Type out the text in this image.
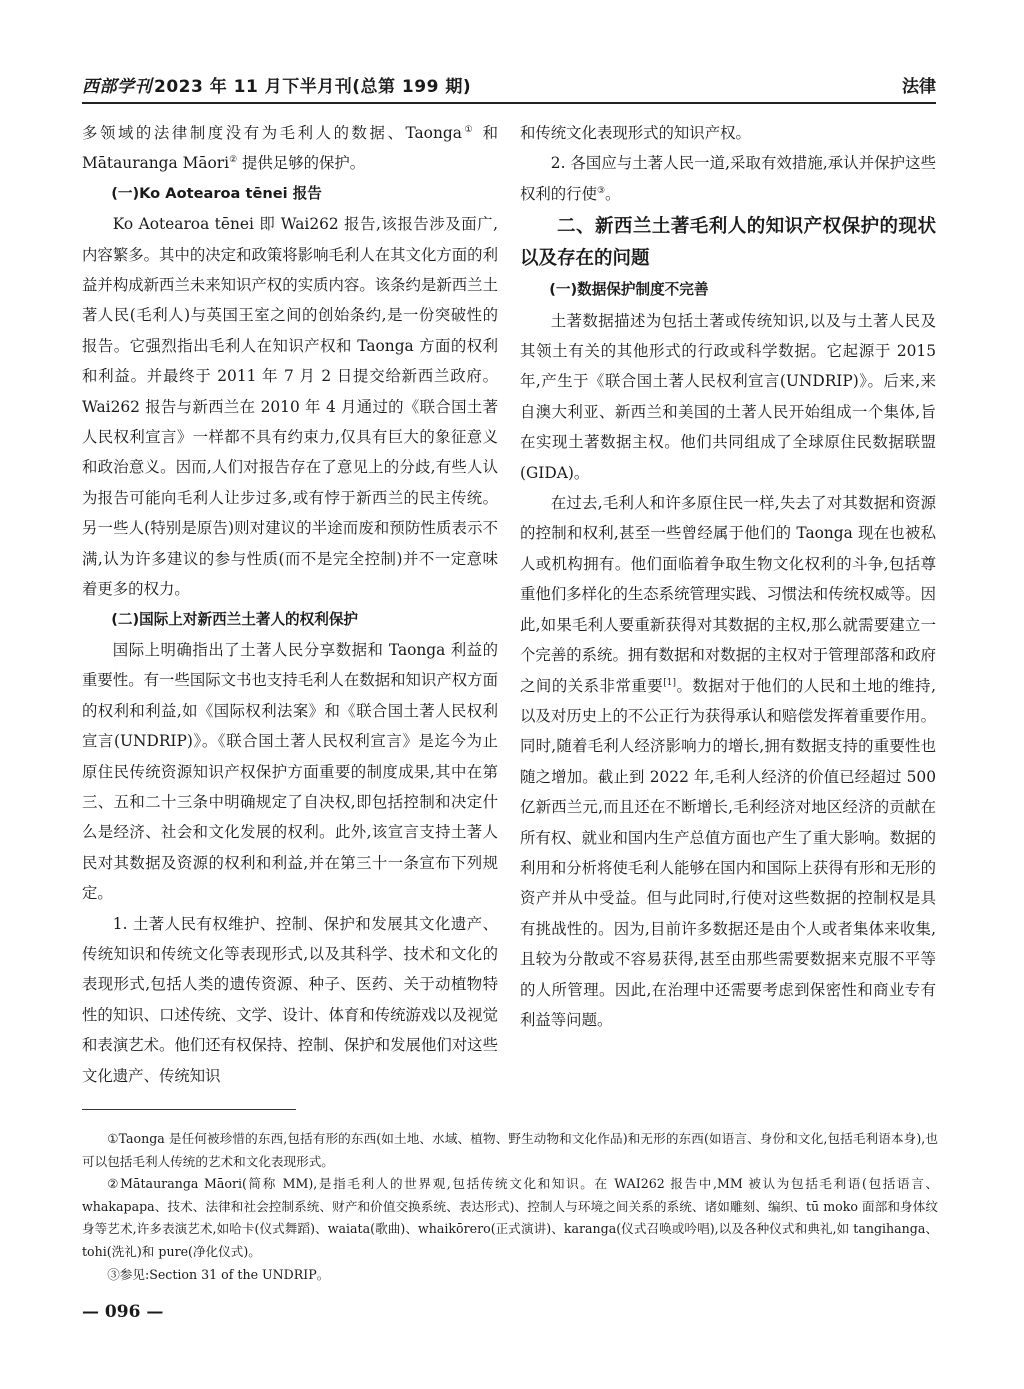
西部学刊 2023 年 11 月下半月刊(总第 199 期)	法律

多领域的法律制度没有为毛利人的数据、Taonga① 和 Mātauranga Māori② 提供足够的保护。

(一)Ko Aotearoa tēnei 报告

Ko Aotearoa tēnei 即 Wai262 报告,该报告涉及面广,内容繁多。其中的决定和政策将影响毛利人在其文化方面的利益并构成新西兰未来知识产权的实质内容。该条约是新西兰土著人民(毛利人)与英国王室之间的创始条约,是一份突破性的报告。它强烈指出毛利人在知识产权和 Taonga 方面的权利和利益。并最终于 2011 年 7 月 2 日提交给新西兰政府。Wai262 报告与新西兰在 2010 年 4 月通过的《联合国土著人民权利宣言》一样都不具有约束力,仅具有巨大的象征意义和政治意义。因而,人们对报告存在了意见上的分歧,有些人认为报告可能向毛利人让步过多,或有悖于新西兰的民主传统。另一些人(特别是原告)则对建议的半途而废和预防性质表示不满,认为许多建议的参与性质(而不是完全控制)并不一定意味着更多的权力。

(二)国际上对新西兰土著人的权利保护

国际上明确指出了土著人民分享数据和 Taonga 利益的重要性。有一些国际文书也支持毛利人在数据和知识产权方面的权利和利益,如《国际权利法案》和《联合国土著人民权利宣言(UNDRIP)》。《联合国土著人民权利宣言》是迄今为止原住民传统资源知识产权保护方面重要的制度成果,其中在第三、五和二十三条中明确规定了自决权,即包括控制和决定什么是经济、社会和文化发展的权利。此外,该宣言支持土著人民对其数据及资源的权利和利益,并在第三十一条宣布下列规定。

1. 土著人民有权维护、控制、保护和发展其文化遗产、传统知识和传统文化等表现形式,以及其科学、技术和文化的表现形式,包括人类的遗传资源、种子、医药、关于动植物特性的知识、口述传统、文学、设计、体育和传统游戏以及视觉和表演艺术。他们还有权保持、控制、保护和发展他们对这些文化遗产、传统知识

和传统文化表现形式的知识产权。

2. 各国应与土著人民一道,采取有效措施,承认并保护这些权利的行使③。

二、新西兰土著毛利人的知识产权保护的现状以及存在的问题
(一)数据保护制度不完善

土著数据描述为包括土著或传统知识,以及与土著人民及其领土有关的其他形式的行政或科学数据。它起源于 2015 年,产生于《联合国土著人民权利宣言(UNDRIP)》。后来,来自澳大利亚、新西兰和美国的土著人民开始组成一个集体,旨在实现土著数据主权。他们共同组成了全球原住民数据联盟(GIDA)。

在过去,毛利人和许多原住民一样,失去了对其数据和资源的控制和权利,甚至一些曾经属于他们的 Taonga 现在也被私人或机构拥有。他们面临着争取生物文化权利的斗争,包括尊重他们多样化的生态系统管理实践、习惯法和传统权威等。因此,如果毛利人要重新获得对其数据的主权,那么就需要建立一个完善的系统。拥有数据和对数据的主权对于管理部落和政府之间的关系非常重要[1]。数据对于他们的人民和土地的维持,以及对历史上的不公正行为获得承认和赔偿发挥着重要作用。同时,随着毛利人经济影响力的增长,拥有数据支持的重要性也随之增加。截止到 2022 年,毛利人经济的价值已经超过 500 亿新西兰元,而且还在不断增长,毛利经济对地区经济的贡献在所有权、就业和国内生产总值方面也产生了重大影响。数据的利用和分析将使毛利人能够在国内和国际上获得有形和无形的资产并从中受益。但与此同时,行使对这些数据的控制权是具有挑战性的。因为,目前许多数据还是由个人或者集体来收集,且较为分散或不容易获得,甚至由那些需要数据来克服不平等的人所管理。因此,在治理中还需要考虑到保密性和商业专有利益等问题。

①Taonga 是任何被珍惜的东西,包括有形的东西(如土地、水域、植物、野生动物和文化作品)和无形的东西(如语言、身份和文化,包括毛利语本身),也可以包括毛利人传统的艺术和文化表现形式。

②Mātauranga Māori(简称 MM),是指毛利人的世界观,包括传统文化和知识。在 WAI262 报告中,MM 被认为包括毛利语(包括语言、whakapapa、技术、法律和社会控制系统、财产和价值交换系统、表达形式)、控制人与环境之间关系的系统、诸如雕刻、编织、tū moko 面部和身体纹身等艺术,许多表演艺术,如哈卡(仪式舞蹈)、waiata(歌曲)、whaikōrero(正式演讲)、karanga(仪式召唤或吟唱),以及各种仪式和典礼,如 tangihanga、tohi(洗礼)和 pure(净化仪式)。

③参见:Section 31 of the UNDRIP。

— 096 —
